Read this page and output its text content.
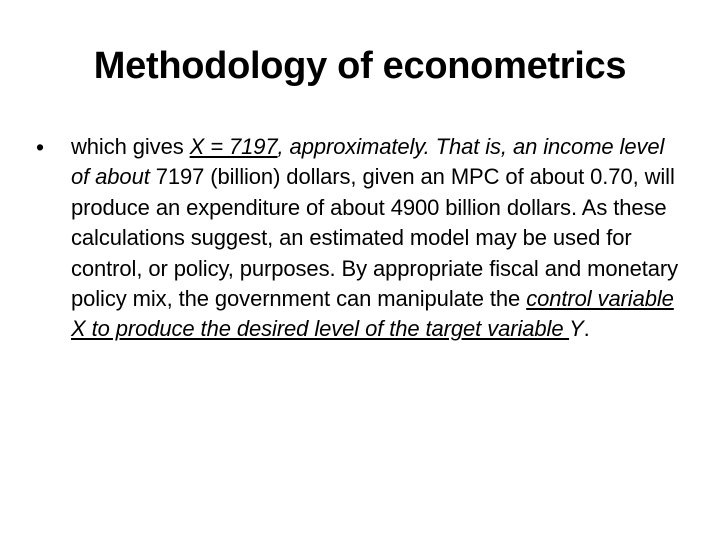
Methodology of econometrics
• which gives X = 7197, approximately. That is, an income level of about 7197 (billion) dollars, given an MPC of about 0.70, will produce an expenditure of about 4900 billion dollars. As these calculations suggest, an estimated model may be used for control, or policy, purposes. By appropriate fiscal and monetary policy mix, the government can manipulate the control variable X to produce the desired level of the target variable Y.
